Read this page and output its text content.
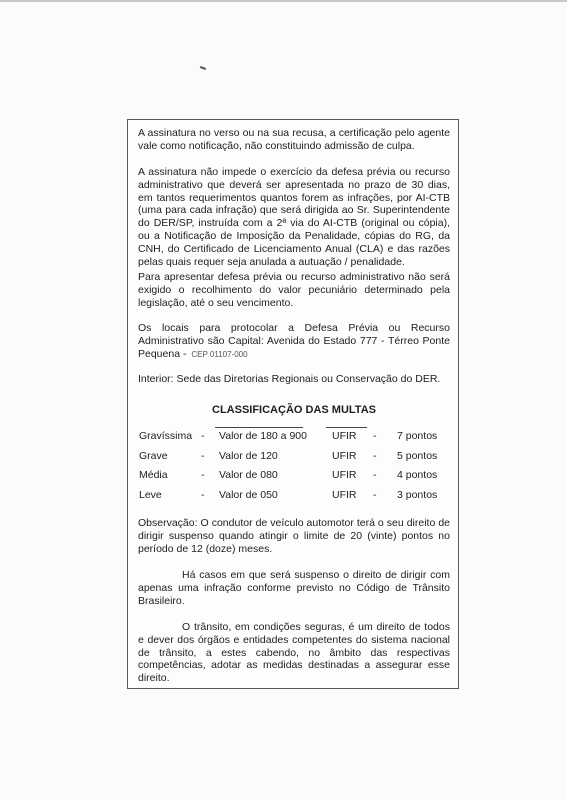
A assinatura no verso ou na sua recusa, a certificação pelo agente vale como notificação, não constituindo admissão de culpa.

A assinatura não impede o exercício da defesa prévia ou recurso administrativo que deverá ser apresentada no prazo de 30 dias, em tantos requerimentos quantos forem as infrações, por AI-CTB (uma para cada infração) que será dirigida ao Sr. Superintendente do DER/SP, instruída com a 2ª via do AI-CTB (original ou cópia), ou a Notificação de Imposição da Penalidade, cópias do RG, da CNH, do Certificado de Licenciamento Anual (CLA) e das razões pelas quais requer seja anulada a autuação / penalidade.

Para apresentar defesa prévia ou recurso administrativo não será exigido o recolhimento do valor pecuniário determinado pela legislação, até o seu vencimento.

Os locais para protocolar a Defesa Prévia ou Recurso Administrativo são Capital: Avenida do Estado 777 - Térreo Ponte Pequena - CEP 01107-000

Interior: Sede das Diretorias Regionais ou Conservação do DER.

CLASSIFICAÇÃO DAS MULTAS
Gravíssima - Valor de 180 a 900 UFIR - 7 pontos
Grave	- Valor de 120	UFIR - 5 pontos
Média	- Valor de 080	UFIR - 4 pontos
Leve	- Valor de 050	UFIR - 3 pontos

Observação: O condutor de veículo automotor terá o seu direito de dirigir suspenso quando atingir o limite de 20 (vinte) pontos no período de 12 (doze) meses.

Há casos em que será suspenso o direito de dirigir com apenas uma infração conforme previsto no Código de Trânsito Brasileiro.

O trânsito, em condições seguras, é um direito de todos e dever dos órgãos e entidades competentes do sistema nacional de trânsito, a estes cabendo, no âmbito das respectivas competências, adotar as medidas destinadas a assegurar esse direito.
